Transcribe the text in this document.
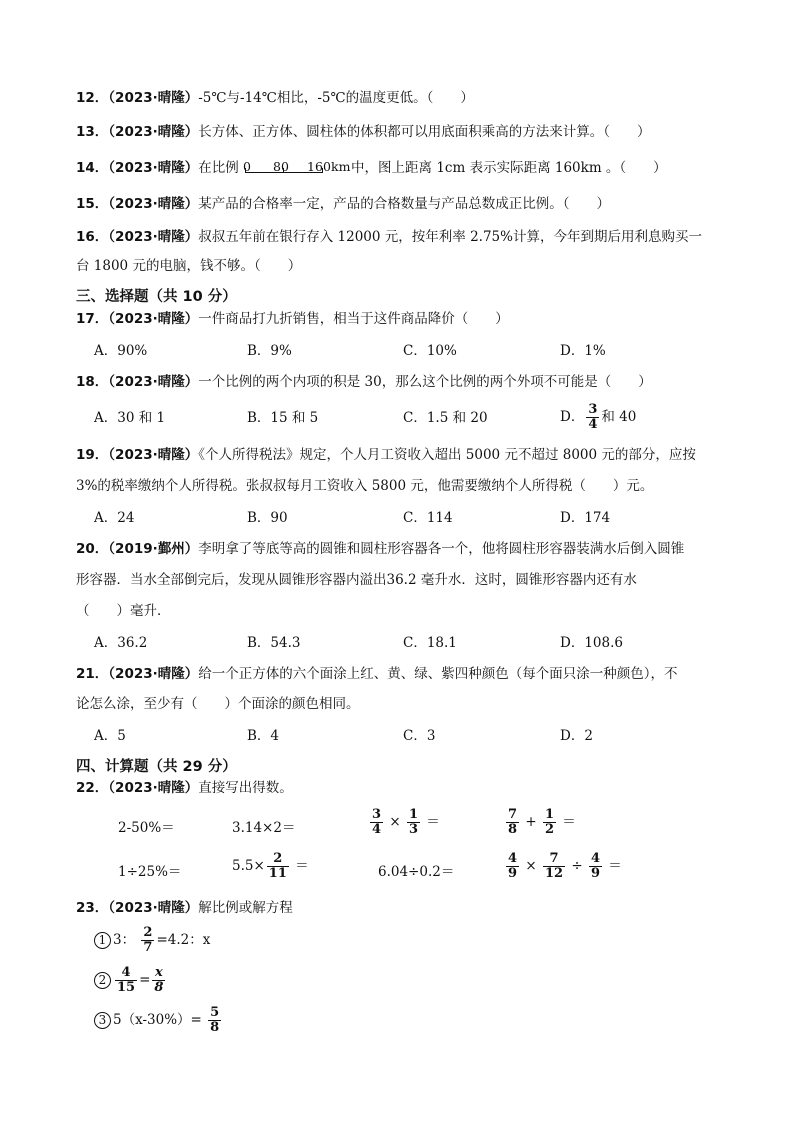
12．（2023·晴隆）-5℃与-14℃相比，-5℃的温度更低。（　　）
13．（2023·晴隆）长方体、正方体、圆柱体的体积都可以用底面积乘高的方法来计算。（　　）
14．（2023·晴隆）在比例 0 80 160 km 中，图上距离 1cm 表示实际距离 160km 。（　　）
15．（2023·晴隆）某产品的合格率一定，产品的合格数量与产品总数成正比例。（　　）
16．（2023·晴隆）叔叔五年前在银行存入 12000 元，按年利率 2.75%计算，今年到期后用利息购买一
台 1800 元的电脑，钱不够。（　　）
三、选择题（共 10 分）
17．（2023·晴隆）一件商品打九折销售，相当于这件商品降价（　　）
A．90%	B．9%	C．10%	D．1%
18．（2023·晴隆）一个比例的两个内项的积是 30，那么这个比例的两个外项不可能是（　　）
A．30 和 1	B．15 和 5	C．1.5 和 20	D． $\frac{3}{4}$ 和 40
19．（2023·晴隆）《个人所得税法》规定，个人月工资收入超出 5000 元不超过 8000 元的部分，应按
3%的税率缴纳个人所得税。张叔叔每月工资收入 5800 元，他需要缴纳个人所得税（　　）元。
A．24	B．90	C．114	D．174
20．（2019·鄞州）李明拿了等底等高的圆锥和圆柱形容器各一个，他将圆柱形容器装满水后倒入圆锥
形容器．当水全部倒完后，发现从圆锥形容器内溢出36.2 毫升水．这时，圆锥形容器内还有水
（　　）毫升．
A．36.2	B．54.3	C．18.1	D．108.6
21．（2023·晴隆）给一个正方体的六个面涂上红、黄、绿、紫四种颜色（每个面只涂一种颜色），不
论怎么涂，至少有（　　）个面涂的颜色相同。
A．5	B．4	C．3	D．2
四、计算题（共 29 分）
22．（2023·晴隆）直接写出得数。
2-50%＝	3.14×2＝	$\frac{3}{4} \times \frac{1}{3}$ ＝	$\frac{7}{8} + \frac{1}{2}$ ＝
1÷25%＝	$5.5\times \frac{2}{11}$ ＝	6.04÷0.2＝	$\frac{4}{9} \times \frac{7}{12} \div \frac{4}{9}$ ＝
23．（2023·晴隆）解比例或解方程
1 3： $\frac{2}{7} =4.2$：x
$2 \frac{4}{15} = \frac{x}{8}$
3 $5(x-30\%)= \frac{5}{8}$
